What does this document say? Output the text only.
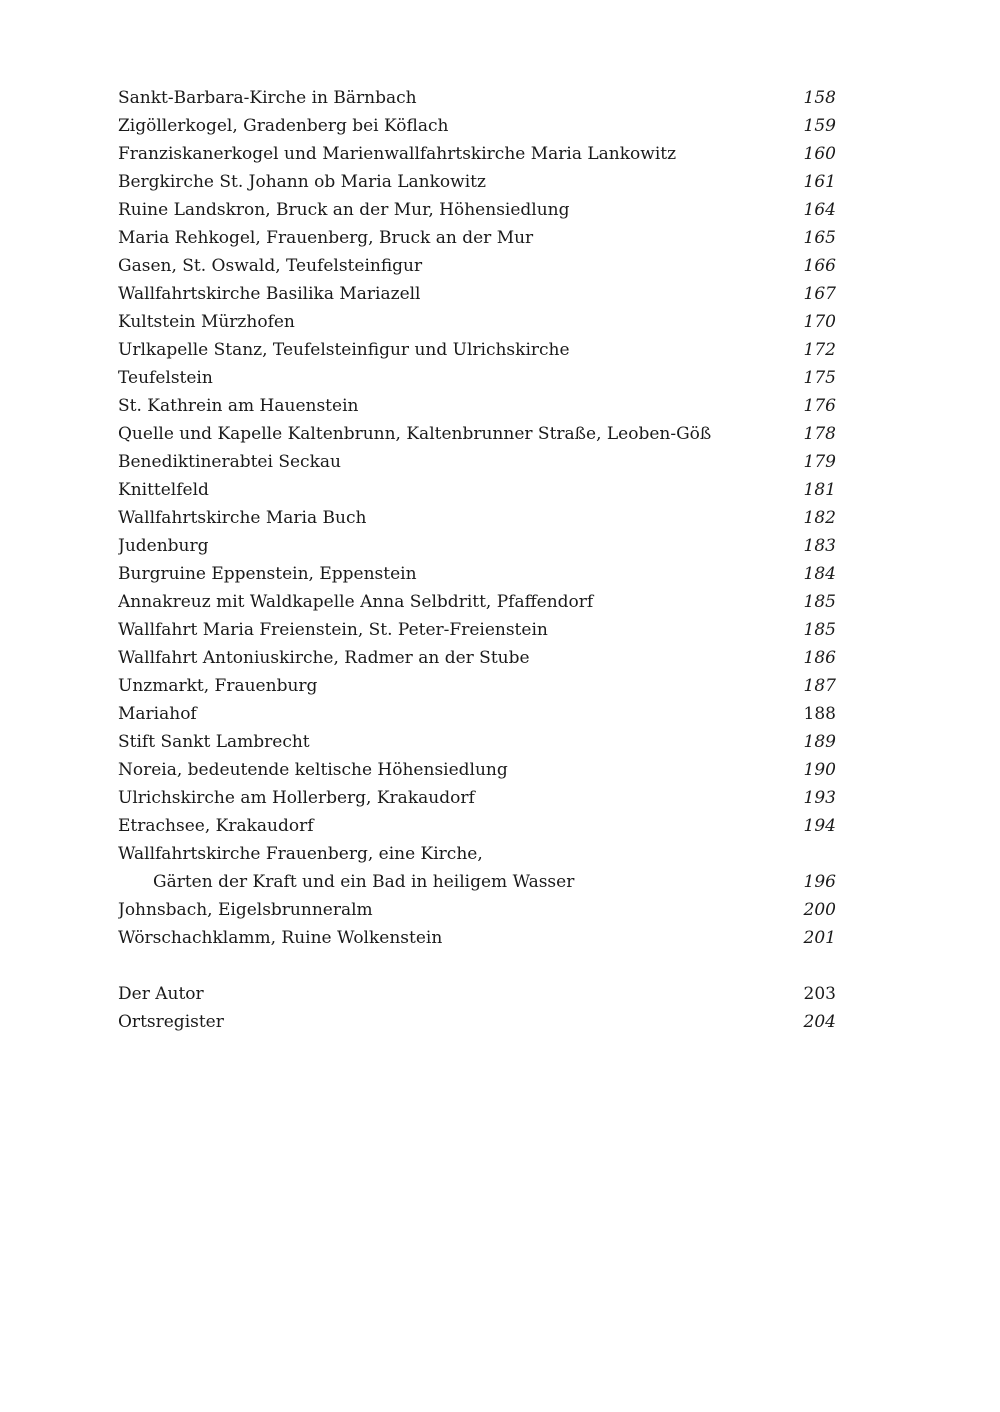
Sankt-Barbara-Kirche in Bärnbach	158
Zigöllerkogel, Gradenberg bei Köflach	159
Franziskanerkogel und Marienwallfahrtskirche Maria Lankowitz	160
Bergkirche St. Johann ob Maria Lankowitz	161
Ruine Landskron, Bruck an der Mur, Höhensiedlung	164
Maria Rehkogel, Frauenberg, Bruck an der Mur	165
Gasen, St. Oswald, Teufelsteinfigur	166
Wallfahrtskirche Basilika Mariazell	167
Kultstein Mürzhofen	170
Urlkapelle Stanz, Teufelsteinfigur und Ulrichskirche	172
Teufelstein	175
St. Kathrein am Hauenstein	176
Quelle und Kapelle Kaltenbrunn, Kaltenbrunner Straße, Leoben-Göß	178
Benediktinerabtei Seckau	179
Knittelfeld	181
Wallfahrtskirche Maria Buch	182
Judenburg	183
Burgruine Eppenstein, Eppenstein	184
Annakreuz mit Waldkapelle Anna Selbdritt, Pfaffendorf	185
Wallfahrt Maria Freienstein, St. Peter-Freienstein	185
Wallfahrt Antoniuskirche, Radmer an der Stube	186
Unzmarkt, Frauenburg	187
Mariahof	188
Stift Sankt Lambrecht	189
Noreia, bedeutende keltische Höhensiedlung	190
Ulrichskirche am Hollerberg, Krakaudorf	193
Etrachsee, Krakaudorf	194
Wallfahrtskirche Frauenberg, eine Kirche,
Gärten der Kraft und ein Bad in heiligem Wasser	196
Johnsbach, Eigelsbrunneralm	200
Wörschachklamm, Ruine Wolkenstein	201
Der Autor	203
Ortsregister	204
